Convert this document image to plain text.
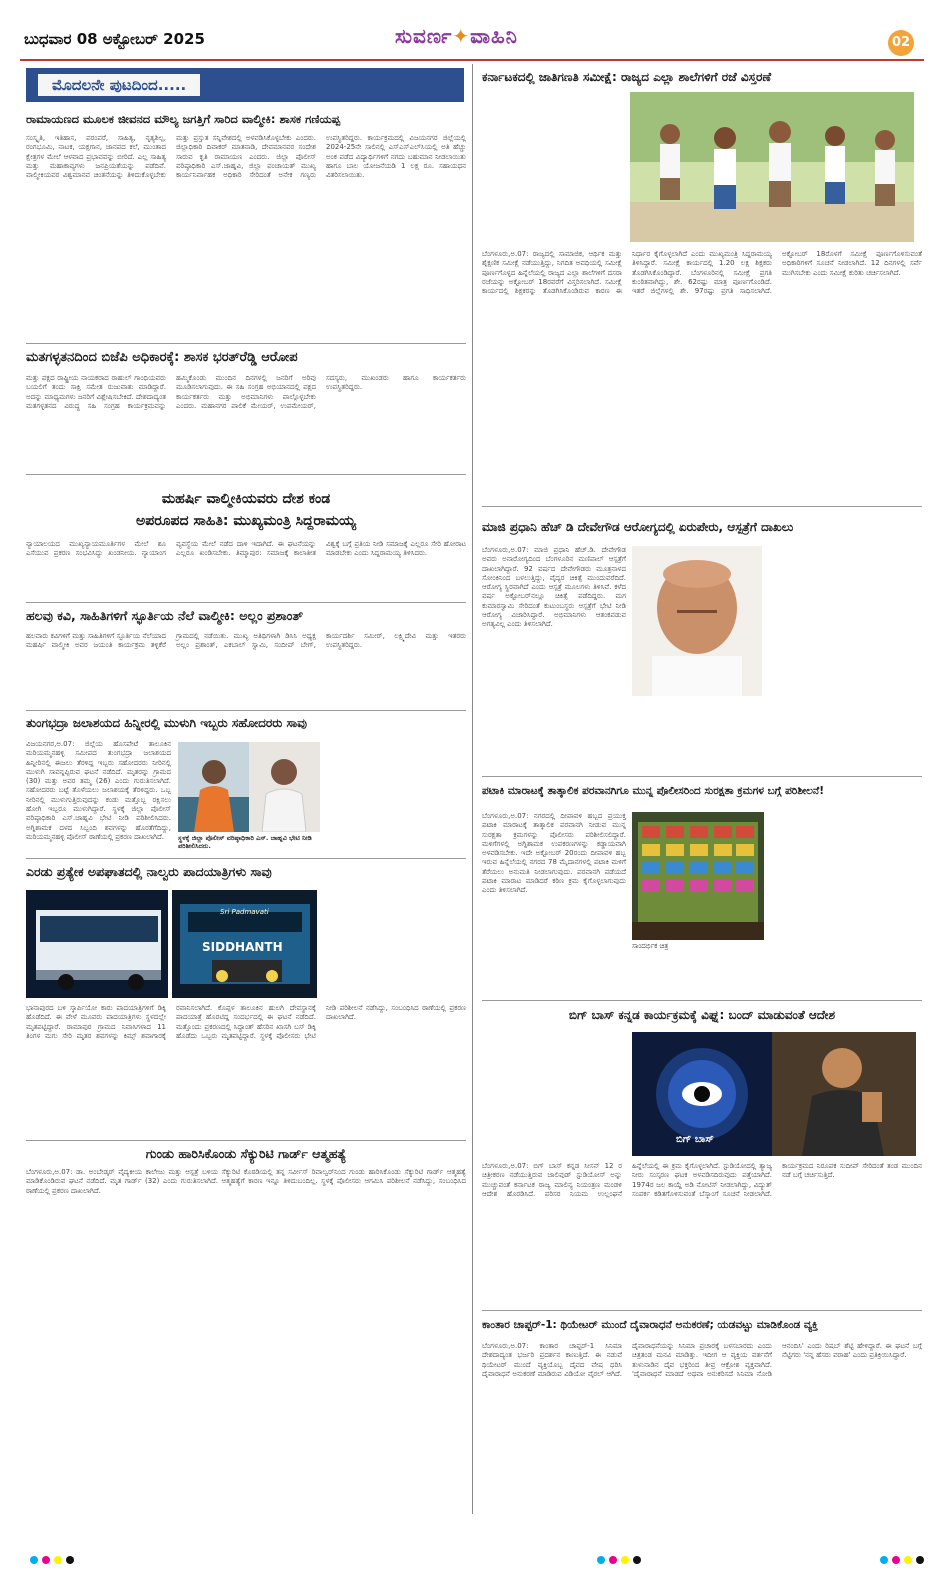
ಬುಧವಾರ 08 ಅಕ್ಟೋಬರ್ 2025	ಸುವರ್ಣ✦ವಾಹಿನಿ	02
ಮೊದಲನೇ ಪುಟದಿಂದ.....
ರಾಮಾಯಣದ ಮೂಲಕ ಜೀವನದ ಮೌಲ್ಯ ಜಗತ್ತಿಗೆ ಸಾರಿದ ವಾಲ್ಮೀಕಿ: ಶಾಸಕ ಗಣಿಯಪ್ಪ
ಸಂಸ್ಕೃತಿ, ಇತಿಹಾಸ, ಪರಂಪರೆ, ಸಾಹಿತ್ಯ, ನೃತ್ಯಶಿಲ್ಪ, ರಂಗಭೂಮಿ, ನಾಟಕ, ಯಕ್ಷಗಾನ, ಜಾನಪದ ಕಲೆ, ಮುಂತಾದ ಕ್ಷೇತ್ರಗಳ ಮೇಲೆ ಆಳವಾದ ಪ್ರಭಾವವನ್ನು ಬೀರಿದೆ. ಎಲ್ಲ ಸಾಹಿತ್ಯ ಮತ್ತು ಮಹಾಕಾವ್ಯಗಳು ಜನಪ್ರಿಯತೆಯನ್ನು ಪಡೆದಿವೆ. ವಾಲ್ಮೀಕಿಯವರ ವಿಶ್ವಮಾನವ ಚಿಂತನೆಯನ್ನು ತಿಳಿದುಕೊಳ್ಳಬೇಕು ಮತ್ತು ಪ್ರಸ್ತುತ ಸನ್ನಿವೇಶದಲ್ಲಿ ಅಳವಡಿಸಿಕೊಳ್ಳಬೇಕು ಎಂದರು. ಜಿಲ್ಲಾಧಿಕಾರಿ ದಿವಾಕರ್ ಮಾತನಾಡಿ, ದೇವಮಾನವರ ಸಂದೇಶ ಸಾರುವ ಕೃತಿ ರಾಮಾಯಣ ಎಂದರು. ಜಿಲ್ಲಾ ಪೊಲೀಸ್ ವರಿಷ್ಠಾಧಿಕಾರಿ ಎಸ್.ಜಾಹ್ನವಿ, ಜಿಲ್ಲಾ ಪಂಚಾಯತ್ ಮುಖ್ಯ ಕಾರ್ಯನಿರ್ವಾಹಕ ಅಧಿಕಾರಿ ಸೇರಿದಂತೆ ಅನೇಕ ಗಣ್ಯರು ಉಪಸ್ಥಿತರಿದ್ದರು. ಕಾರ್ಯಕ್ರಮದಲ್ಲಿ ವಿಜಯನಗರ ಜಿಲ್ಲೆಯಲ್ಲಿ 2024-25ನೇ ಸಾಲಿನಲ್ಲಿ ಎಸ್ಎಸ್ಎಲ್‌ಸಿಯಲ್ಲಿ ಅತಿ ಹೆಚ್ಚು ಅಂಕ ಪಡೆದ ವಿದ್ಯಾರ್ಥಿಗಳಿಗೆ ನಗದು ಬಹುಮಾನ ನೀಡಲಾಯಿತು ಹಾಗೂ ಬಾಲ ಯೋಜನೆಯಡಿ 1 ಲಕ್ಷ ರೂ. ಸಹಾಯಧನ ವಿತರಿಸಲಾಯಿತು.
ಮತಗಳ್ಳತನದಿಂದ ಬಿಜೆಪಿ ಅಧಿಕಾರಕ್ಕೆ: ಶಾಸಕ ಭರತ್‌ರೆಡ್ಡಿ ಆರೋಪ
ಮತ್ತು ಪಕ್ಷದ ರಾಷ್ಟ್ರೀಯ ನಾಯಕರಾದ ರಾಹುಲ್ ಗಾಂಧಿಯವರು ಬಯಲಿಗೆ ತಂದು ಸಾಕ್ಷಿ ಸಮೇತ ರುಜುವಾತು ಮಾಡಿದ್ದಾರೆ. ಅದನ್ನು ಮಾಧ್ಯಮಗಳು ಜನರಿಗೆ ವಿಶ್ಲೇಷಿಸಬೇಕಿದೆ. ದೇಶದಾದ್ಯಂತ ಮತಗಳ್ಳತನದ ವಿರುದ್ಧ ಸಹಿ ಸಂಗ್ರಹ ಕಾರ್ಯಕ್ರಮವನ್ನು ಹಮ್ಮಿಕೊಂಡು ಮುಂದಿನ ದಿನಗಳಲ್ಲಿ ಜನರಿಗೆ ಅರಿವು ಮೂಡಿಸಲಾಗುವುದು. ಈ ಸಹಿ ಸಂಗ್ರಹ ಅಭಿಯಾನದಲ್ಲಿ ಪಕ್ಷದ ಕಾರ್ಯಕರ್ತರು ಮತ್ತು ಅಭಿಮಾನಿಗಳು ಪಾಲ್ಗೊಳ್ಳಬೇಕು ಎಂದರು. ಮಹಾನಗರ ಪಾಲಿಕೆ ಮೇಯರ್, ಉಪಮೇಯರ್, ಸದಸ್ಯರು, ಮುಖಂಡರು ಹಾಗೂ ಕಾರ್ಯಕರ್ತರು ಉಪಸ್ಥಿತರಿದ್ದರು.
ಮಹರ್ಷಿ ವಾಲ್ಮೀಕಿಯವರು ದೇಶ ಕಂಡ
ಅಪರೂಪದ ಸಾಹಿತಿ: ಮುಖ್ಯಮಂತ್ರಿ ಸಿದ್ದರಾಮಯ್ಯ
ನ್ಯಾಯಾಲಯದ ಮುಖ್ಯನ್ಯಾಯಮೂರ್ತಿಗಳ ಮೇಲೆ ಶೂ ಎಸೆಯುವ ಪ್ರಕರಣ ಸಂಭವಿಸಿದ್ದು ಖಂಡನೀಯ. ನ್ಯಾಯಾಂಗ ವ್ಯವಸ್ಥೆಯ ಮೇಲೆ ನಡೆದ ದಾಳಿ ಇದಾಗಿದೆ. ಈ ಘಟನೆಯನ್ನು ಎಲ್ಲರೂ ಖಂಡಿಸಬೇಕು. ತಿಮ್ಮಾಪುರ: ಸಮಾಜಕ್ಕೆ ಕಾಲಾತೀತ ವಿಶ್ವಕ್ಕೆ ಬಗ್ಗೆ ಪ್ರತಿಯ ನೀಡಿ ಸಮಾಜಕ್ಕೆ ಎಲ್ಲರೂ ಸೇರಿ ಹೋರಾಟ ಮಾಡಬೇಕು ಎಂದು ಸಿದ್ದರಾಮಯ್ಯ ತಿಳಿಸಿದರು.
ಹಲವು ಕವಿ, ಸಾಹಿತಿಗಳಿಗೆ ಸ್ಫೂರ್ತಿಯ ನೆಲೆ ವಾಲ್ಮೀಕಿ: ಅಲ್ಲಂ ಪ್ರಶಾಂತ್
ಹಲವಾರು ಕವಿಗಳಿಗೆ ಮತ್ತು ಸಾಹಿತಿಗಳಿಗೆ ಸ್ಫೂರ್ತಿಯ ನೆಲೆಯಾದ ಮಹರ್ಷಿ ವಾಲ್ಮೀಕಿ ಅವರ ಜಯಂತಿ ಕಾರ್ಯಕ್ರಮ ತಳ್ಳಿಕೆರೆ ಗ್ರಾಮದಲ್ಲಿ ನಡೆಯಿತು. ಮುಖ್ಯ ಅತಿಥಿಗಳಾಗಿ ಡಿಸಿಸಿ ಅಧ್ಯಕ್ಷ ಅಲ್ಲಂ ಪ್ರಶಾಂತ್, ಎಕಬಾಲ್ ಸ್ವಾಮಿ, ಸಂದೀಪ್ ಬೇಗ್, ಕಾರ್ಯದರ್ಶಿ ಸಮೀರ್, ಲಕ್ಷ್ಮಿದೇವಿ ಮತ್ತು ಇತರರು ಉಪಸ್ಥಿತರಿದ್ದರು.
ತುಂಗಭದ್ರಾ ಜಲಾಶಯದ ಹಿನ್ನೀರಲ್ಲಿ ಮುಳುಗಿ ಇಬ್ಬರು ಸಹೋದರರು ಸಾವು
ವಿಜಯನಗರ,ಅ.07: ಜಿಲ್ಲೆಯ ಹೊಸಪೇಟೆ ತಾಲೂಕಿನ ಮರಿಯಮ್ಮನಹಳ್ಳಿ ಸಮೀಪದ ತುಂಗಭದ್ರಾ ಜಲಾಶಯದ ಹಿನ್ನೀರಿನಲ್ಲಿ ಈಜಲು ತೆರಳಿದ್ದ ಇಬ್ಬರು ಸಹೋದರರು ನೀರಿನಲ್ಲಿ ಮುಳುಗಿ ಸಾವನ್ನಪ್ಪಿರುವ ಘಟನೆ ನಡೆದಿದೆ. ಮೃತರನ್ನು ಗ್ರಾಮದ (30) ಮತ್ತು ಅವರ ತಮ್ಮ (26) ಎಂದು ಗುರುತಿಸಲಾಗಿದೆ. ಸಹೋದರರು ಬಟ್ಟೆ ತೊಳೆಯಲು ಜಲಾಶಯಕ್ಕೆ ತೆರಳಿದ್ದರು. ಒಬ್ಬ ನೀರಿನಲ್ಲಿ ಮುಳುಗುತ್ತಿರುವುದನ್ನು ಕಂಡು ಮತ್ತೊಬ್ಬ ರಕ್ಷಿಸಲು ಹೋಗಿ ಇಬ್ಬರೂ ಮುಳುಗಿದ್ದಾರೆ. ಸ್ಥಳಕ್ಕೆ ಜಿಲ್ಲಾ ಪೊಲೀಸ್ ವರಿಷ್ಠಾಧಿಕಾರಿ ಎಸ್.ಜಾಹ್ನವಿ ಭೇಟಿ ನೀಡಿ ಪರಿಶೀಲಿಸಿದರು. ಅಗ್ನಿಶಾಮಕ ದಳದ ಸಿಬ್ಬಂದಿ ಶವಗಳನ್ನು ಹೊರತೆಗೆದಿದ್ದು, ಮರಿಯಮ್ಮನಹಳ್ಳಿ ಪೊಲೀಸ್ ಠಾಣೆಯಲ್ಲಿ ಪ್ರಕರಣ ದಾಖಲಾಗಿದೆ.	ಸ್ಥಳಕ್ಕೆ ಜಿಲ್ಲಾ ಪೊಲೀಸ್ ವರಿಷ್ಠಾಧಿಕಾರಿ ಎಸ್. ಜಾಹ್ನವಿ ಭೇಟಿ ನೀಡಿ ಪರಿಶೀಲಿಸಿದರು.
ಎರಡು ಪ್ರತ್ಯೇಕ ಅಪಘಾತದಲ್ಲಿ ನಾಲ್ವರು ಪಾದಯಾತ್ರಿಗಳು ಸಾವು
SIDDHANTH
Sri Padmavati
ಭಾನಾಪುರದ ಬಳಿ ಸ್ಕಾರ್ಪಿಯೋ ಕಾರು ಪಾದಯಾತ್ರಿಗಳಿಗೆ ಡಿಕ್ಕಿ ಹೊಡೆದಿದೆ. ಈ ವೇಳೆ ಮೂವರು ಪಾದಯಾತ್ರಿಗಳು ಸ್ಥಳದಲ್ಲೇ ಮೃತಪಟ್ಟಿದ್ದಾರೆ. ರಾಮಾಪುರ ಗ್ರಾಮದ ನಿವಾಸಿಗಳಾದ 11 ತಿಂಗಳ ಮಗು ಸೇರಿ ಮೃತರ ಶವಗಳನ್ನು ಕಿಮ್ಸ್ ಶವಾಗಾರಕ್ಕೆ ರವಾನಿಸಲಾಗಿದೆ. ಕೊಪ್ಪಳ ತಾಲೂಕಿನ ಹುಲಗಿ ದೇವಸ್ಥಾನಕ್ಕೆ ಪಾದಯಾತ್ರೆ ಹೊರಟಿದ್ದ ಸಂದರ್ಭದಲ್ಲಿ ಈ ಘಟನೆ ನಡೆದಿದೆ. ಮತ್ತೊಂದು ಪ್ರಕರಣದಲ್ಲಿ ಸಿದ್ಧಾಂತ್ ಹೆಸರಿನ ಖಾಸಗಿ ಬಸ್ ಡಿಕ್ಕಿ ಹೊಡೆದು ಒಬ್ಬರು ಮೃತಪಟ್ಟಿದ್ದಾರೆ. ಸ್ಥಳಕ್ಕೆ ಪೊಲೀಸರು ಭೇಟಿ ನೀಡಿ ಪರಿಶೀಲನೆ ನಡೆಸಿದ್ದು, ಸಂಬಂಧಿಸಿದ ಠಾಣೆಯಲ್ಲಿ ಪ್ರಕರಣ ದಾಖಲಾಗಿದೆ.
ಗುಂಡು ಹಾರಿಸಿಕೊಂಡು ಸೆಕ್ಯುರಿಟಿ ಗಾರ್ಡ್ ಆತ್ಮಹತ್ಯೆ
ಬೆಂಗಳೂರು,ಅ.07: ಡಾ. ಅಂಬೇಡ್ಕರ್ ವೈದ್ಯಕೀಯ ಕಾಲೇಜು ಮತ್ತು ಆಸ್ಪತ್ರೆ ಬಳಿಯ ಸೆಕ್ಯುರಿಟಿ ಕೊಠಡಿಯಲ್ಲಿ ತನ್ನ ಸರ್ವೀಸ್ ರಿವಾಲ್ವರ್‌ನಿಂದ ಗುಂಡು ಹಾರಿಸಿಕೊಂಡು ಸೆಕ್ಯುರಿಟಿ ಗಾರ್ಡ್ ಆತ್ಮಹತ್ಯೆ ಮಾಡಿಕೊಂಡಿರುವ ಘಟನೆ ನಡೆದಿದೆ. ಮೃತ ಗಾರ್ಡ್ (32) ಎಂದು ಗುರುತಿಸಲಾಗಿದೆ. ಆತ್ಮಹತ್ಯೆಗೆ ಕಾರಣ ಇನ್ನೂ ತಿಳಿದುಬಂದಿಲ್ಲ. ಸ್ಥಳಕ್ಕೆ ಪೊಲೀಸರು ಆಗಮಿಸಿ ಪರಿಶೀಲನೆ ನಡೆಸಿದ್ದು, ಸಂಬಂಧಿಸಿದ ಠಾಣೆಯಲ್ಲಿ ಪ್ರಕರಣ ದಾಖಲಾಗಿದೆ.
ಕರ್ನಾಟಕದಲ್ಲಿ ಜಾತಿಗಣತಿ ಸಮೀಕ್ಷೆ: ರಾಜ್ಯದ ಎಲ್ಲಾ ಶಾಲೆಗಳಿಗೆ ರಜೆ ವಿಸ್ತರಣೆ
ಬೆಂಗಳೂರು,ಅ.07: ರಾಜ್ಯದಲ್ಲಿ ಸಾಮಾಜಿಕ, ಆರ್ಥಿಕ ಮತ್ತು ಶೈಕ್ಷಣಿಕ ಸಮೀಕ್ಷೆ ನಡೆಯುತ್ತಿದ್ದು, ನಿಗದಿತ ಅವಧಿಯಲ್ಲಿ ಸಮೀಕ್ಷೆ ಪೂರ್ಣಗೊಳ್ಳದ ಹಿನ್ನೆಲೆಯಲ್ಲಿ ರಾಜ್ಯದ ಎಲ್ಲಾ ಶಾಲೆಗಳಿಗೆ ದಸರಾ ರಜೆಯನ್ನು ಅಕ್ಟೋಬರ್ 18ರವರೆಗೆ ವಿಸ್ತರಿಸಲಾಗಿದೆ. ಸಮೀಕ್ಷೆ ಕಾರ್ಯದಲ್ಲಿ ಶಿಕ್ಷಕರನ್ನು ತೊಡಗಿಸಿಕೊಂಡಿರುವ ಕಾರಣ ಈ ನಿರ್ಧಾರ ಕೈಗೊಳ್ಳಲಾಗಿದೆ ಎಂದು ಮುಖ್ಯಮಂತ್ರಿ ಸಿದ್ದರಾಮಯ್ಯ ತಿಳಿಸಿದ್ದಾರೆ. ಸಮೀಕ್ಷೆ ಕಾರ್ಯದಲ್ಲಿ 1.20 ಲಕ್ಷ ಶಿಕ್ಷಕರು ತೊಡಗಿಸಿಕೊಂಡಿದ್ದಾರೆ. ಬೆಂಗಳೂರಿನಲ್ಲಿ ಸಮೀಕ್ಷೆ ಪ್ರಗತಿ ಕುಂಠಿತವಾಗಿದ್ದು, ಶೇ. 62ರಷ್ಟು ಮಾತ್ರ ಪೂರ್ಣಗೊಂಡಿದೆ. ಇತರೆ ಜಿಲ್ಲೆಗಳಲ್ಲಿ ಶೇ. 97ರಷ್ಟು ಪ್ರಗತಿ ಸಾಧಿಸಲಾಗಿದೆ. ಅಕ್ಟೋಬರ್ 18ರೊಳಗೆ ಸಮೀಕ್ಷೆ ಪೂರ್ಣಗೊಳಿಸುವಂತೆ ಅಧಿಕಾರಿಗಳಿಗೆ ಸೂಚನೆ ನೀಡಲಾಗಿದೆ. 12 ದಿನಗಳಲ್ಲಿ ಸರ್ವೆ ಮುಗಿಸಬೇಕು ಎಂದು ಸಮೀಕ್ಷೆ ಕುರಿತು ಚರ್ಚಿಸಲಾಗಿದೆ.
ಮಾಜಿ ಪ್ರಧಾನಿ ಹೆಚ್ ಡಿ ದೇವೇಗೌಡ ಆರೋಗ್ಯದಲ್ಲಿ ಏರುಪೇರು, ಆಸ್ಪತ್ರೆಗೆ ದಾಖಲು
ಬೆಂಗಳೂರು,ಅ.07: ಮಾಜಿ ಪ್ರಧಾನಿ ಹೆಚ್.ಡಿ. ದೇವೇಗೌಡ ಅವರು ಅನಾರೋಗ್ಯದಿಂದ ಬೆಂಗಳೂರಿನ ಮಣಿಪಾಲ್ ಆಸ್ಪತ್ರೆಗೆ ದಾಖಲಾಗಿದ್ದಾರೆ. 92 ವರ್ಷದ ದೇವೇಗೌಡರು ಮೂತ್ರನಾಳದ ಸೋಂಕಿನಿಂದ ಬಳಲುತ್ತಿದ್ದು, ವೈದ್ಯರ ಚಿಕಿತ್ಸೆ ಮುಂದುವರೆದಿದೆ. ಆರೋಗ್ಯ ಸ್ಥಿರವಾಗಿದೆ ಎಂದು ಆಸ್ಪತ್ರೆ ಮೂಲಗಳು ತಿಳಿಸಿವೆ. ಕಳೆದ ವರ್ಷ ಅಕ್ಟೋಬರ್‌ನಲ್ಲೂ ಚಿಕಿತ್ಸೆ ಪಡೆದಿದ್ದರು. ಮಗ ಕುಮಾರಸ್ವಾಮಿ ಸೇರಿದಂತೆ ಕುಟುಂಬಸ್ಥರು ಆಸ್ಪತ್ರೆಗೆ ಭೇಟಿ ನೀಡಿ ಆರೋಗ್ಯ ವಿಚಾರಿಸಿದ್ದಾರೆ. ಅಭಿಮಾನಿಗಳು ಆತಂಕಪಡುವ ಅಗತ್ಯವಿಲ್ಲ ಎಂದು ತಿಳಿಸಲಾಗಿದೆ.
ಪಟಾಕಿ ಮಾರಾಟಕ್ಕೆ ತಾತ್ಕಾಲಿಕ ಪರವಾನಗಿಗೂ ಮುನ್ನ ಪೊಲೀಸರಿಂದ ಸುರಕ್ಷತಾ ಕ್ರಮಗಳ ಬಗ್ಗೆ ಪರಿಶೀಲನೆ!
ಸಾಂದರ್ಭಿಕ ಚಿತ್ರ
ಬೆಂಗಳೂರು,ಅ.07: ನಗರದಲ್ಲಿ ದೀಪಾವಳಿ ಹಬ್ಬದ ಪ್ರಯುಕ್ತ ಪಟಾಕಿ ಮಾರಾಟಕ್ಕೆ ತಾತ್ಕಾಲಿಕ ಪರವಾನಗಿ ನೀಡುವ ಮುನ್ನ ಸುರಕ್ಷತಾ ಕ್ರಮಗಳನ್ನು ಪೊಲೀಸರು ಪರಿಶೀಲಿಸಲಿದ್ದಾರೆ. ಮಳಿಗೆಗಳಲ್ಲಿ ಅಗ್ನಿಶಾಮಕ ಉಪಕರಣಗಳನ್ನು ಕಡ್ಡಾಯವಾಗಿ ಅಳವಡಿಸಬೇಕು. ಇದೇ ಅಕ್ಟೋಬರ್ 20ರಂದು ದೀಪಾವಳಿ ಹಬ್ಬ ಇರುವ ಹಿನ್ನೆಲೆಯಲ್ಲಿ ನಗರದ 78 ಮೈದಾನಗಳಲ್ಲಿ ಪಟಾಕಿ ಮಳಿಗೆ ತೆರೆಯಲು ಅನುಮತಿ ನೀಡಲಾಗುವುದು. ಪರವಾನಗಿ ಪಡೆಯದೆ ಪಟಾಕಿ ಮಾರಾಟ ಮಾಡಿದರೆ ಕಠಿಣ ಕ್ರಮ ಕೈಗೊಳ್ಳಲಾಗುವುದು ಎಂದು ತಿಳಿಸಲಾಗಿದೆ.
ಬಿಗ್ ಬಾಸ್ ಕನ್ನಡ ಕಾರ್ಯಕ್ರಮಕ್ಕೆ ವಿಘ್ನ: ಬಂದ್ ಮಾಡುವಂತೆ ಆದೇಶ
ಬಿಗ್ ಬಾಸ್
ಬೆಂಗಳೂರು,ಅ.07: ಬಿಗ್ ಬಾಸ್ ಕನ್ನಡ ಸೀಸನ್ 12 ರ ಚಿತ್ರೀಕರಣ ನಡೆಯುತ್ತಿರುವ ಜಾಲಿವುಡ್ ಸ್ಟುಡಿಯೋಸ್ ಅನ್ನು ಮುಚ್ಚುವಂತೆ ಕರ್ನಾಟಕ ರಾಜ್ಯ ಮಾಲಿನ್ಯ ನಿಯಂತ್ರಣ ಮಂಡಳಿ ಆದೇಶ ಹೊರಡಿಸಿದೆ. ಪರಿಸರ ನಿಯಮ ಉಲ್ಲಂಘನೆ ಹಿನ್ನೆಲೆಯಲ್ಲಿ ಈ ಕ್ರಮ ಕೈಗೊಳ್ಳಲಾಗಿದೆ. ಸ್ಟುಡಿಯೋದಲ್ಲಿ ತ್ಯಾಜ್ಯ ನೀರು ಸಂಸ್ಕರಣ ಘಟಕ ಅಳವಡಿಸದಿರುವುದು ಪತ್ತೆಯಾಗಿದೆ. 1974ರ ಜಲ ಕಾಯ್ದೆ ಅಡಿ ನೋಟಿಸ್ ನೀಡಲಾಗಿದ್ದು, ವಿದ್ಯುತ್ ಸಂಪರ್ಕ ಕಡಿತಗೊಳಿಸುವಂತೆ ಬೆಸ್ಕಾಂಗೆ ಸೂಚನೆ ನೀಡಲಾಗಿದೆ. ಕಾರ್ಯಕ್ರಮದ ನಿರೂಪಕ ಸುದೀಪ್ ಸೇರಿದಂತೆ ತಂಡ ಮುಂದಿನ ನಡೆ ಬಗ್ಗೆ ಚರ್ಚಿಸುತ್ತಿದೆ.
ಕಾಂತಾರ ಚಾಪ್ಟರ್-1: ಥಿಯೇಟರ್ ಮುಂದೆ ದೈವಾರಾಧನೆ ಅನುಕರಣೆ; ಯಡವಟ್ಟು ಮಾಡಿಕೊಂಡ ವ್ಯಕ್ತಿ
ಬೆಂಗಳೂರು,ಅ.07: ಕಾಂತಾರ ಚಾಪ್ಟರ್-1 ಸಿನಿಮಾ ದೇಶದಾದ್ಯಂತ ಭರ್ಜರಿ ಪ್ರದರ್ಶನ ಕಾಣುತ್ತಿದೆ. ಈ ನಡುವೆ ಥಿಯೇಟರ್ ಮುಂದೆ ವ್ಯಕ್ತಿಯೊಬ್ಬ ದೈವದ ವೇಷ ಧರಿಸಿ ದೈವಾರಾಧನೆ ಅನುಕರಣೆ ಮಾಡಿರುವ ವಿಡಿಯೋ ವೈರಲ್ ಆಗಿದೆ. ದೈವಾರಾಧನೆಯನ್ನು ಸಿನಿಮಾ ಪ್ರಚಾರಕ್ಕೆ ಬಳಸಬಾರದು ಎಂದು ಚಿತ್ರತಂಡ ಮನವಿ ಮಾಡಿತ್ತು. ಇದೀಗ ಆ ವ್ಯಕ್ತಿಯ ವರ್ತನೆಗೆ ತುಳುನಾಡಿನ ದೈವ ಭಕ್ತರಿಂದ ತೀವ್ರ ಆಕ್ರೋಶ ವ್ಯಕ್ತವಾಗಿದೆ. 'ದೈವಾರಾಧನೆ ಮಾಡದೆ ಅಥವಾ ಅನುಕರಿಸದೆ ಸಿನಿಮಾ ನೋಡಿ ಆನಂದಿಸಿ' ಎಂದು ರಿಷಬ್ ಶೆಟ್ಟಿ ಹೇಳಿದ್ದಾರೆ. ಈ ಘಟನೆ ಬಗ್ಗೆ ನೆಟ್ಟಿಗರು 'ನನ್ನ ಹೆಸರು ವರಾಹ' ಎಂದು ಪ್ರತಿಕ್ರಿಯಿಸಿದ್ದಾರೆ.
